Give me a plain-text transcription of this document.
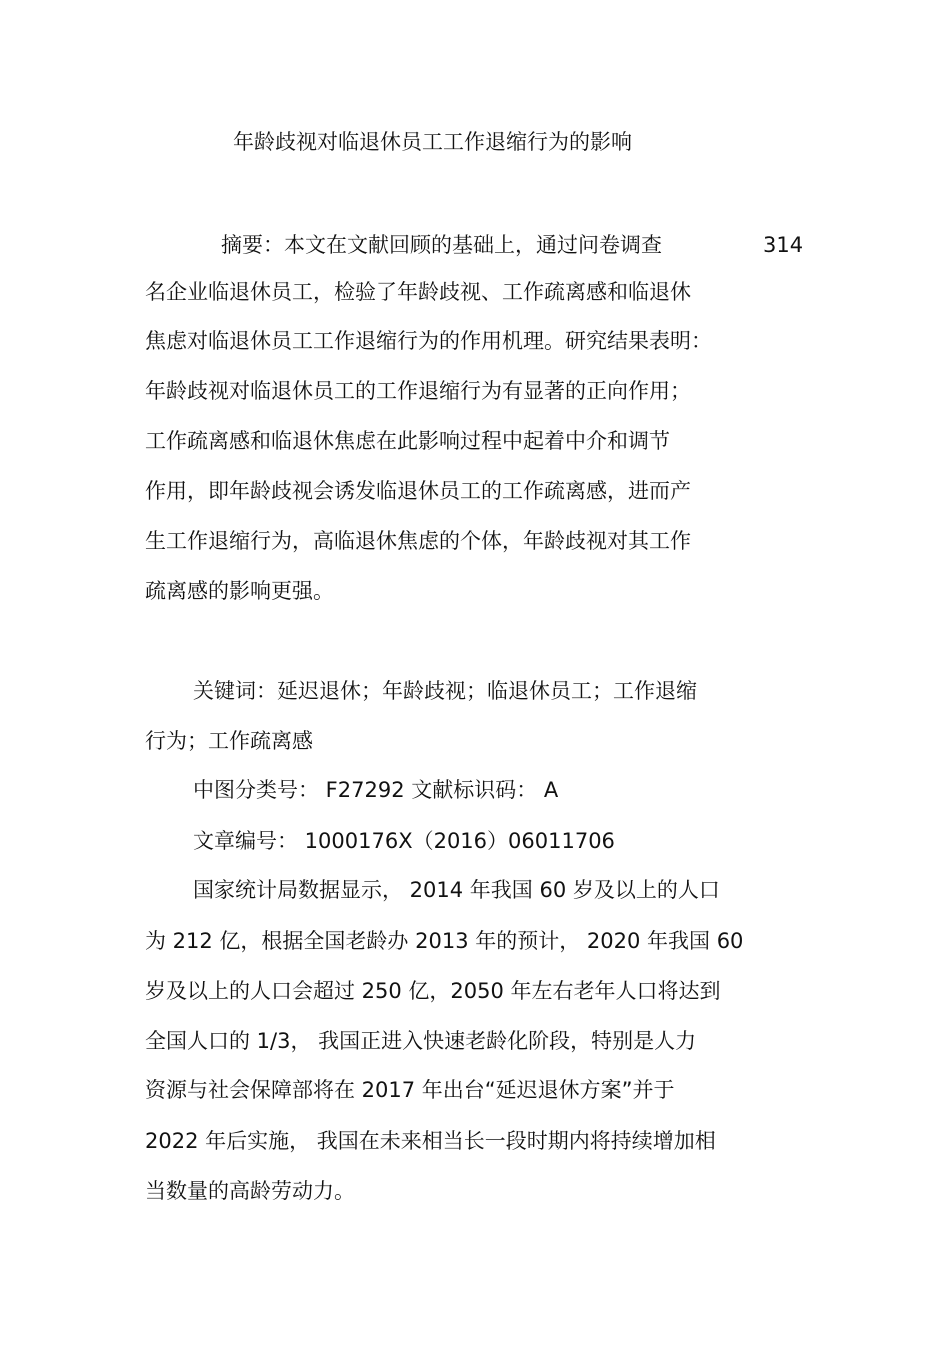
年龄歧视对临退休员工工作退缩行为的影响
摘要：本文在文献回顾的基础上，通过问卷调查	314
名企业临退休员工，检验了年龄歧视、工作疏离感和临退休
焦虑对临退休员工工作退缩行为的作用机理。研究结果表明：
年龄歧视对临退休员工的工作退缩行为有显著的正向作用；
工作疏离感和临退休焦虑在此影响过程中起着中介和调节
作用，即年龄歧视会诱发临退休员工的工作疏离感，进而产
生工作退缩行为，高临退休焦虑的个体，年龄歧视对其工作
疏离感的影响更强。
关键词：延迟退休；年龄歧视；临退休员工；工作退缩
行为；工作疏离感
中图分类号： F27292 文献标识码： A
文章编号： 1000176X（2016）06011706
国家统计局数据显示， 2014 年我国 60 岁及以上的人口
为 212 亿，根据全国老龄办 2013 年的预计， 2020 年我国 60
岁及以上的人口会超过 250 亿，2050 年左右老年人口将达到
全国人口的 1/3， 我国正进入快速老龄化阶段，特别是人力
资源与社会保障部将在 2017 年出台“延迟退休方案”并于
2022 年后实施， 我国在未来相当长一段时期内将持续增加相
当数量的高龄劳动力。
